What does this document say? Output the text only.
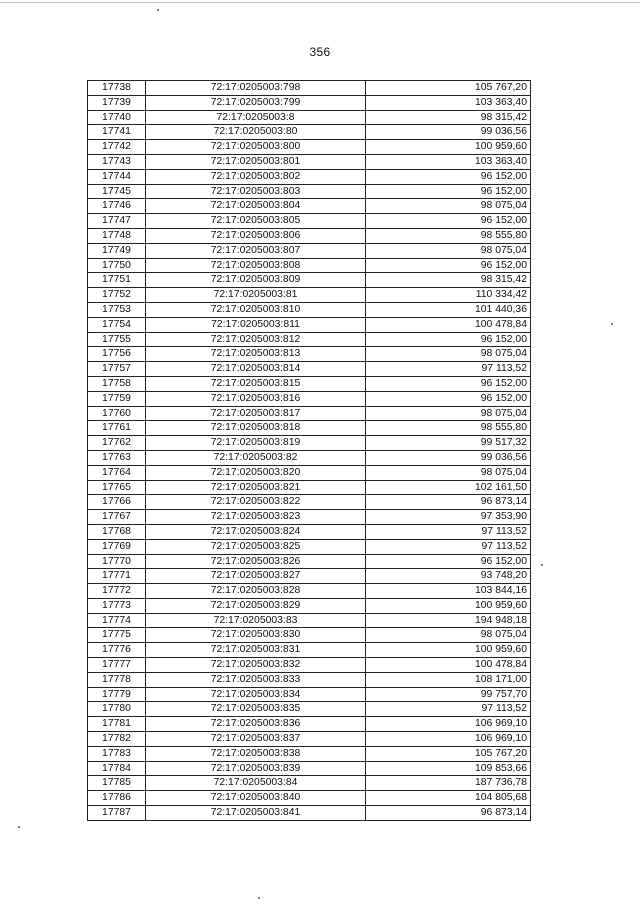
356
17738	72:17:0205003:798	105 767,20
17739	72:17:0205003:799	103 363,40
17740	72:17:0205003:8	98 315,42
17741	72:17:0205003:80	99 036,56
17742	72:17:0205003:800	100 959,60
17743	72:17:0205003:801	103 363,40
17744	72:17:0205003:802	96 152,00
17745	72:17:0205003:803	96 152,00
17746	72:17:0205003:804	98 075,04
17747	72:17:0205003:805	96 152,00
17748	72:17:0205003:806	98 555,80
17749	72:17:0205003:807	98 075,04
17750	72:17:0205003:808	96 152,00
17751	72:17:0205003:809	98 315,42
17752	72:17:0205003:81	110 334,42
17753	72:17:0205003:810	101 440,36
17754	72:17:0205003:811	100 478,84
17755	72:17:0205003:812	96 152,00
17756	72:17:0205003:813	98 075,04
17757	72:17:0205003:814	97 113,52
17758	72:17:0205003:815	96 152,00
17759	72:17:0205003:816	96 152,00
17760	72:17:0205003:817	98 075,04
17761	72:17:0205003:818	98 555,80
17762	72:17:0205003:819	99 517,32
17763	72:17:0205003:82	99 036,56
17764	72:17:0205003:820	98 075,04
17765	72:17:0205003:821	102 161,50
17766	72:17:0205003:822	96 873,14
17767	72:17:0205003:823	97 353,90
17768	72:17:0205003:824	97 113,52
17769	72:17:0205003:825	97 113,52
17770	72:17:0205003:826	96 152,00
17771	72:17:0205003:827	93 748,20
17772	72:17:0205003:828	103 844,16
17773	72:17:0205003:829	100 959,60
17774	72:17:0205003:83	194 948,18
17775	72:17:0205003:830	98 075,04
17776	72:17:0205003:831	100 959,60
17777	72:17:0205003:832	100 478,84
17778	72:17:0205003:833	108 171,00
17779	72:17:0205003:834	99 757,70
17780	72:17:0205003:835	97 113,52
17781	72:17:0205003:836	106 969,10
17782	72:17:0205003:837	106 969,10
17783	72:17:0205003:838	105 767,20
17784	72:17:0205003:839	109 853,66
17785	72:17:0205003:84	187 736,78
17786	72:17:0205003:840	104 805,68
17787	72:17:0205003:841	96 873,14
